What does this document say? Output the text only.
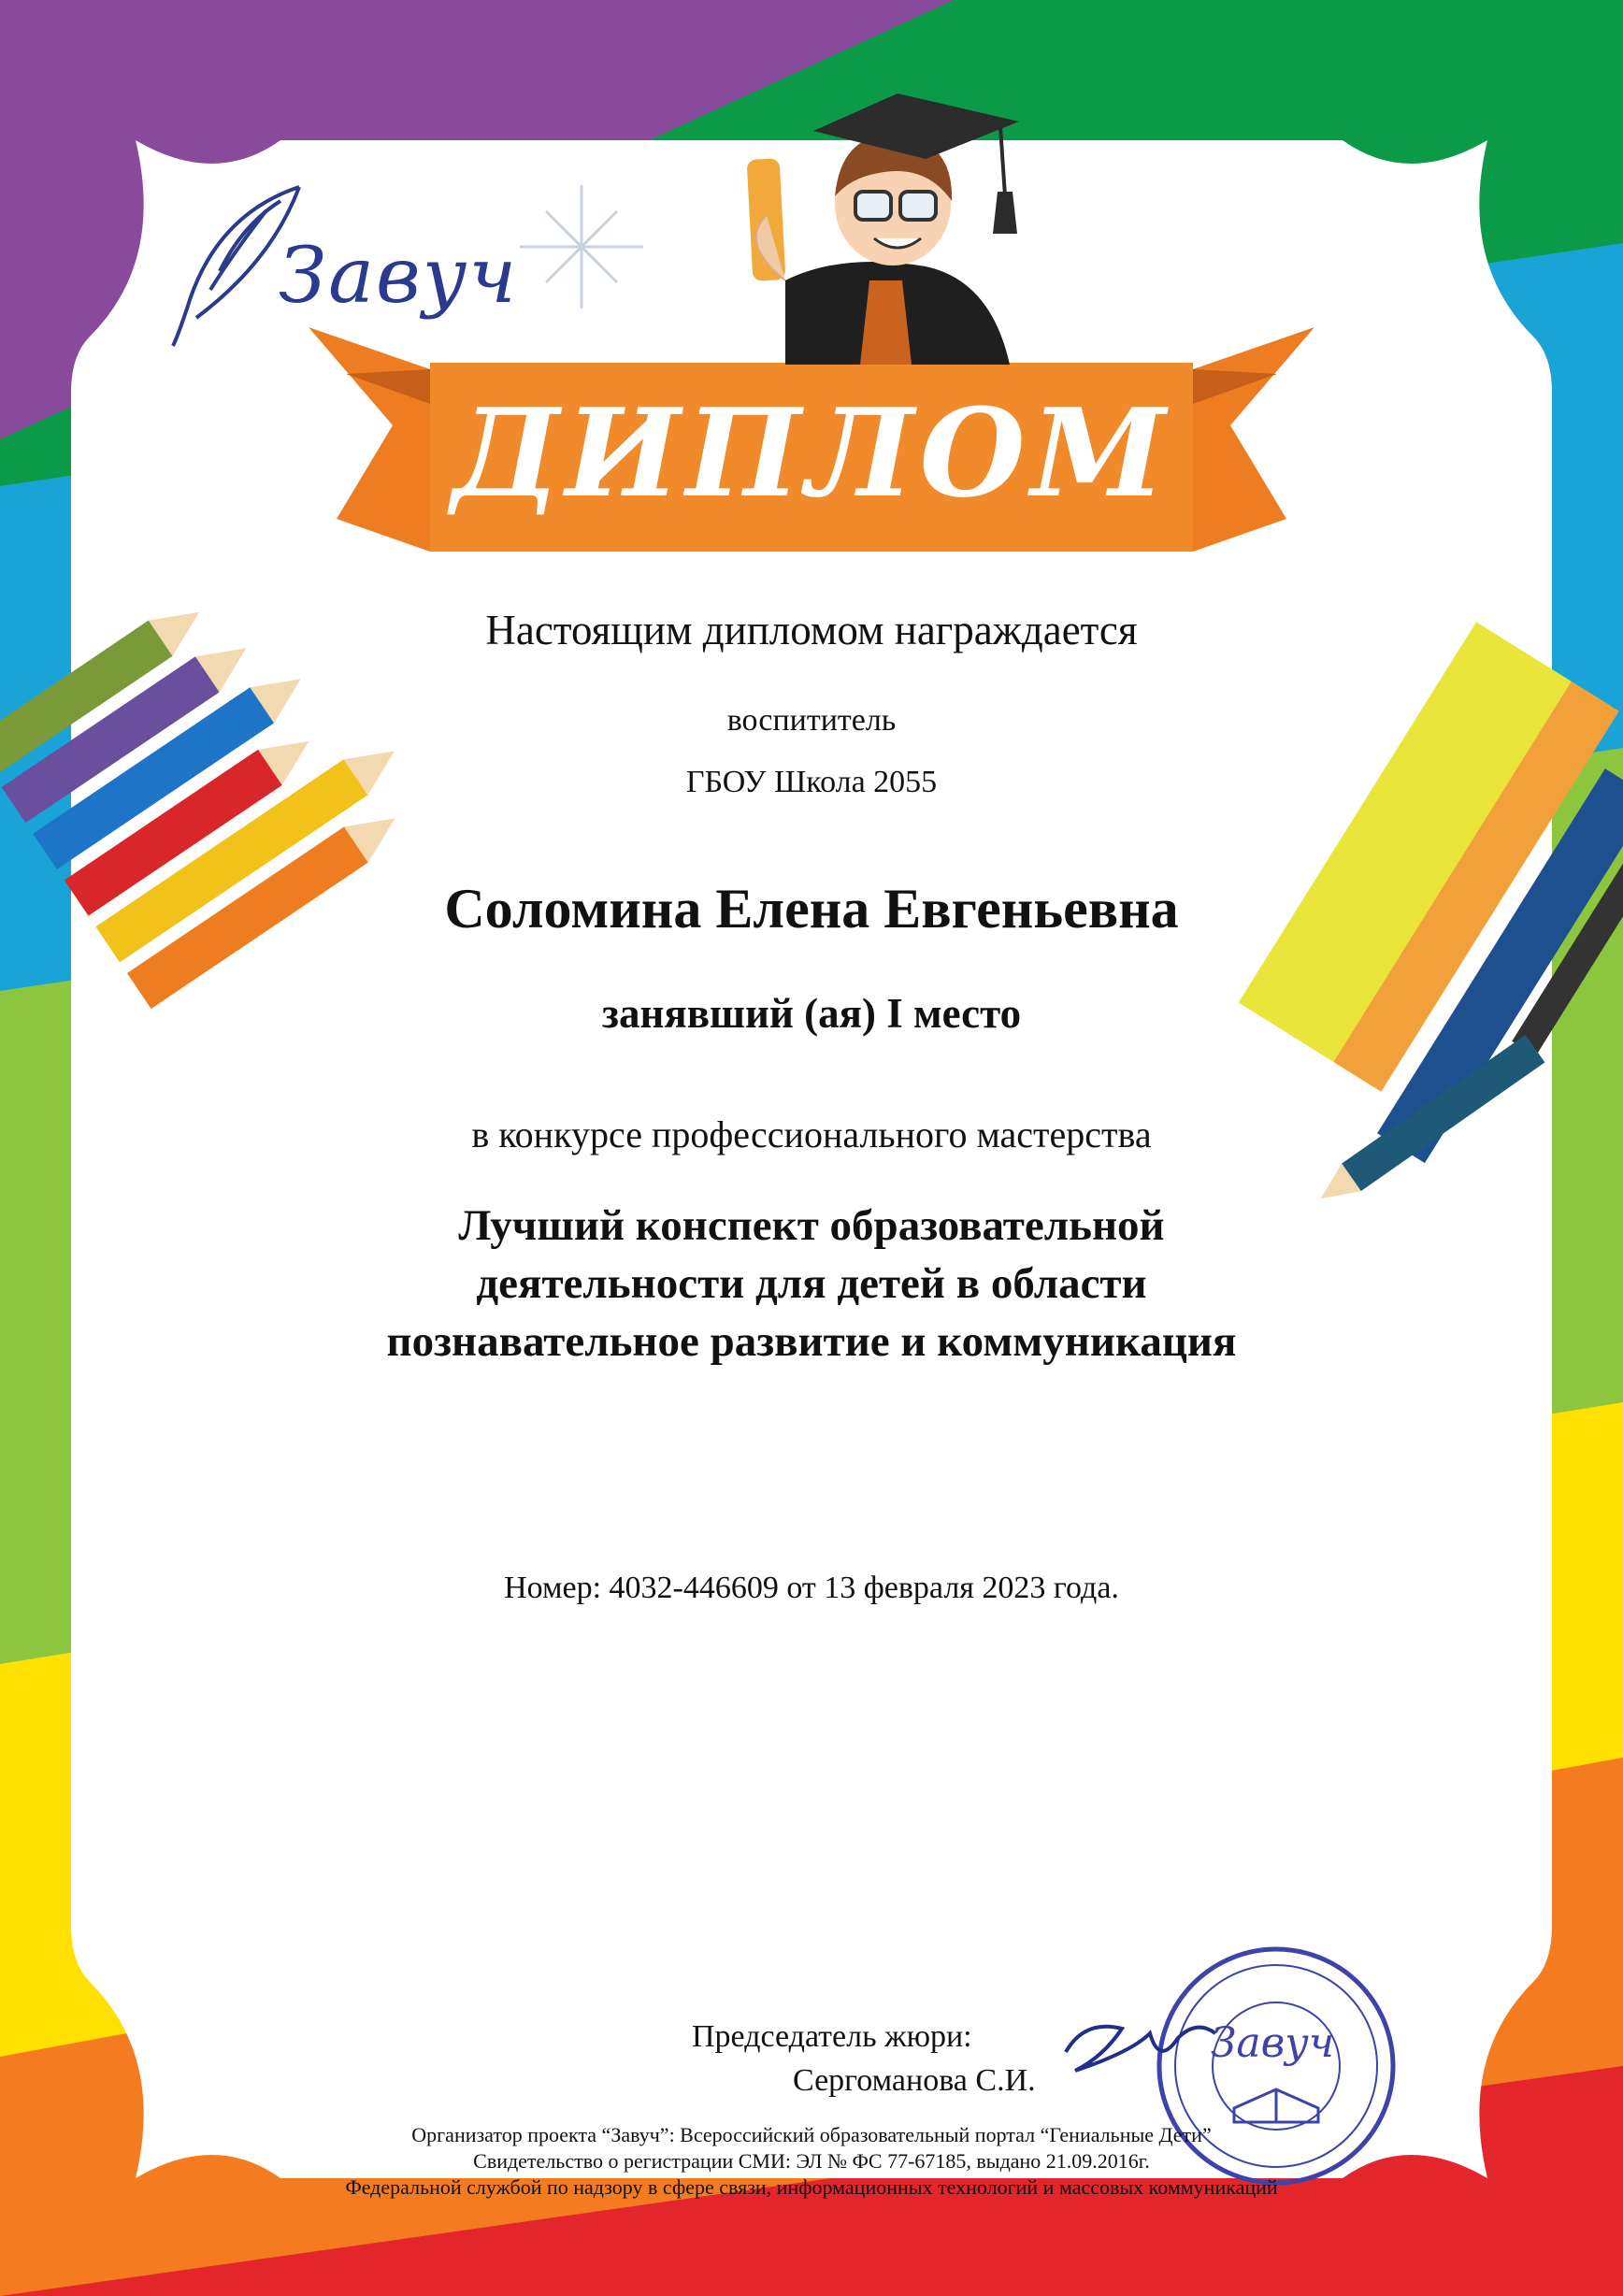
Завуч
ДИПЛОМ

Настоящим дипломом награждается

воспититель

ГБОУ Школа 2055

Соломина Елена Евгеньевна

занявший (ая) I место

в конкурсе профессионального мастерства

Лучший конспект образовательной
деятельности для детей в области
познавательное развитие и коммуникация

Номер: 4032-446609 от 13 февраля 2023 года.

Председатель жюри:
Сергоманова С.И.
Завуч
Организатор проекта “Завуч”: Всероссийский образовательный портал “Гениальные Дети”
Свидетельство о регистрации СМИ: ЭЛ № ФС 77-67185, выдано 21.09.2016г.
Федеральной службой по надзору в сфере связи, информационных технологий и массовых коммуникаций
